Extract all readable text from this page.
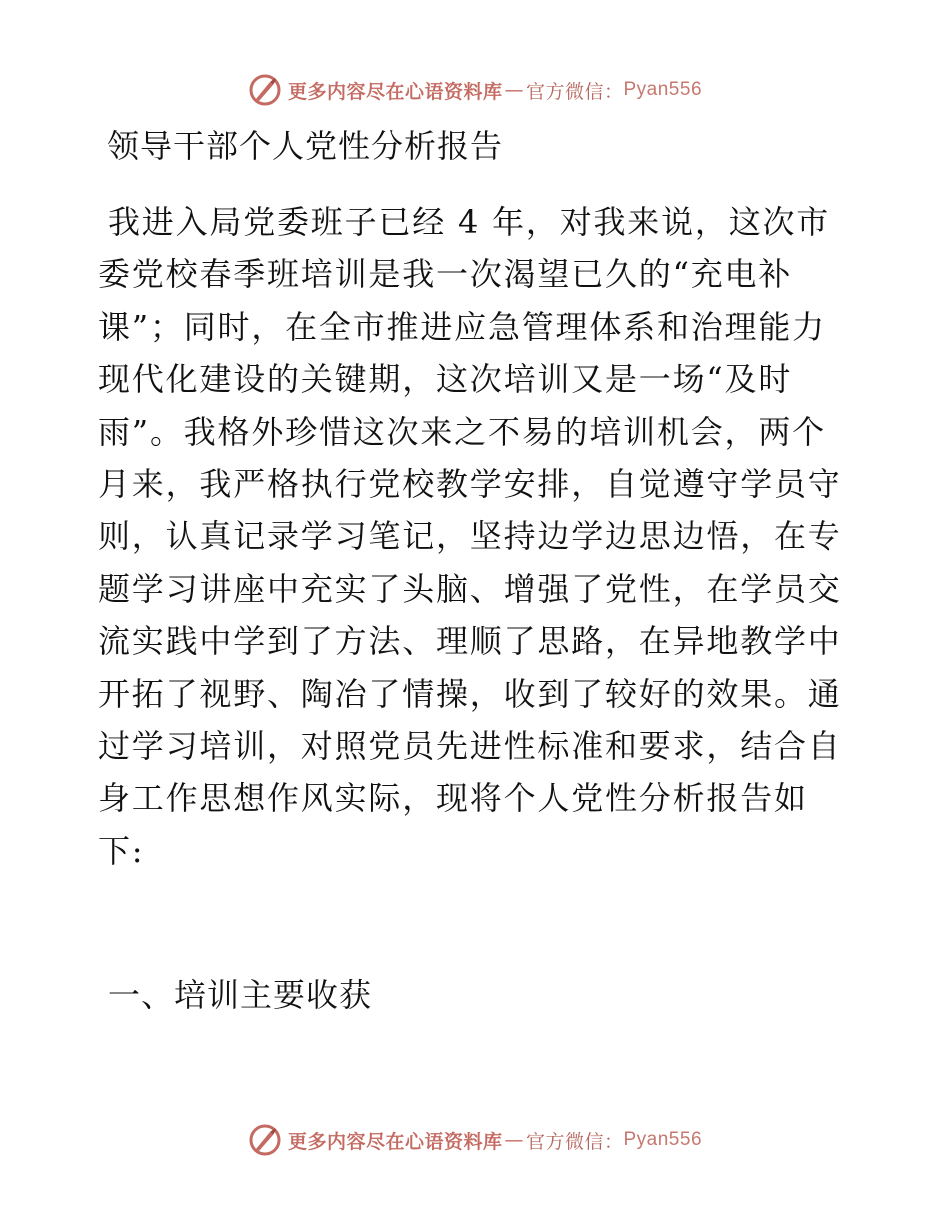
更多内容尽在心语资料库 — 官方微信： Pyan556
领导干部个人党性分析报告

我进入局党委班子已经 4 年，对我来说，这次市委党校春季班培训是我一次渴望已久的“充电补课”；同时，在全市推进应急管理体系和治理能力现代化建设的关键期，这次培训又是一场“及时雨”。我格外珍惜这次来之不易的培训机会，两个月来，我严格执行党校教学安排，自觉遵守学员守则，认真记录学习笔记，坚持边学边思边悟，在专题学习讲座中充实了头脑、增强了党性，在学员交流实践中学到了方法、理顺了思路，在异地教学中开拓了视野、陶冶了情操，收到了较好的效果。通过学习培训，对照党员先进性标准和要求，结合自身工作思想作风实际，现将个人党性分析报告如下:

一、培训主要收获
更多内容尽在心语资料库 — 官方微信： Pyan556
